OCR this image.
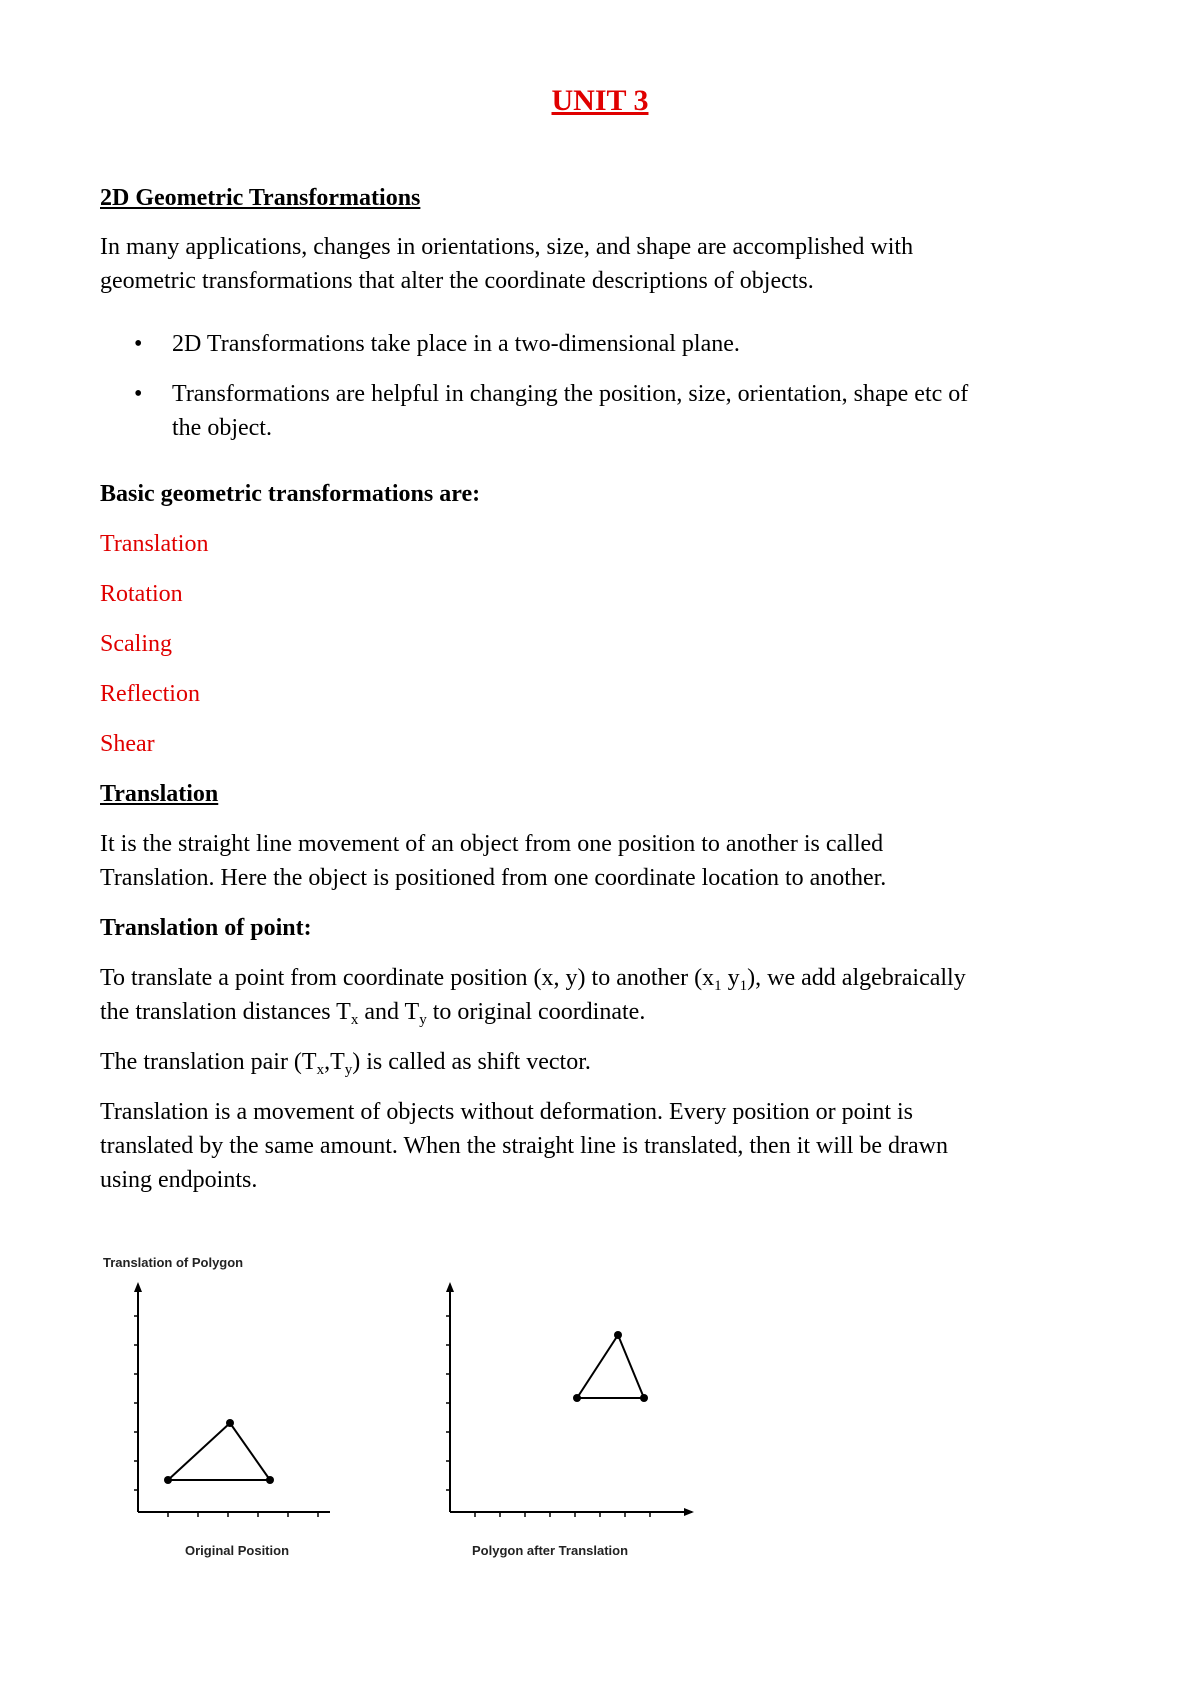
UNIT 3
2D Geometric Transformations
In many applications, changes in orientations, size, and shape are accomplished with
geometric transformations that alter the coordinate descriptions of objects.
• 2D Transformations take place in a two-dimensional plane.
• Transformations are helpful in changing the position, size, orientation, shape etc of
the object.
Basic geometric transformations are:
Translation
Rotation
Scaling
Reflection
Shear
Translation
It is the straight line movement of an object from one position to another is called
Translation. Here the object is positioned from one coordinate location to another.
Translation of point:
To translate a point from coordinate position (x, y) to another ($x_1$ $y_1$), we add algebraically
the translation distances $T_x$ and $T_y$ to original coordinate.
The translation pair $(T_x,T_y)$ is called as shift vector.
Translation is a movement of objects without deformation. Every position or point is
translated by the same amount. When the straight line is translated, then it will be drawn
using endpoints.
Translation of Polygon
Original Position	Polygon after Translation
